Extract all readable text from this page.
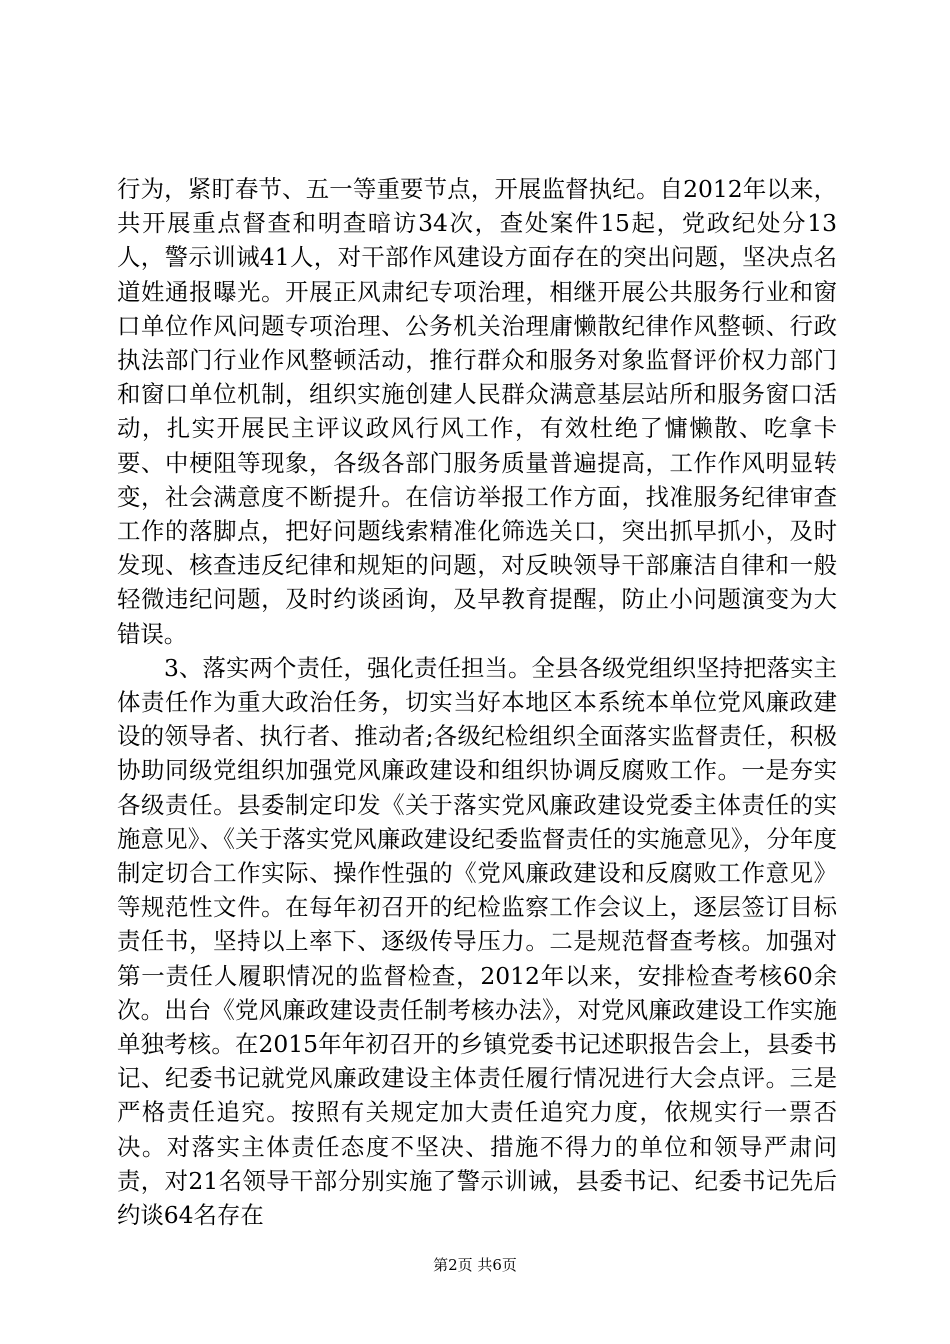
行为，紧盯春节、五一等重要节点，开展监督执纪。自2012年以来，共开展重点督查和明查暗访34次，查处案件15起，党政纪处分13人，警示训诫41人，对干部作风建设方面存在的突出问题，坚决点名道姓通报曝光。开展正风肃纪专项治理，相继开展公共服务行业和窗口单位作风问题专项治理、公务机关治理庸懒散纪律作风整顿、行政执法部门行业作风整顿活动，推行群众和服务对象监督评价权力部门和窗口单位机制，组织实施创建人民群众满意基层站所和服务窗口活动，扎实开展民主评议政风行风工作，有效杜绝了慵懒散、吃拿卡要、中梗阻等现象，各级各部门服务质量普遍提高，工作作风明显转变，社会满意度不断提升。在信访举报工作方面，找准服务纪律审查工作的落脚点，把好问题线索精准化筛选关口，突出抓早抓小，及时发现、核查违反纪律和规矩的问题，对反映领导干部廉洁自律和一般轻微违纪问题，及时约谈函询，及早教育提醒，防止小问题演变为大错误。

3、落实两个责任，强化责任担当。全县各级党组织坚持把落实主体责任作为重大政治任务，切实当好本地区本系统本单位党风廉政建设的领导者、执行者、推动者;各级纪检组织全面落实监督责任，积极协助同级党组织加强党风廉政建设和组织协调反腐败工作。一是夯实各级责任。县委制定印发《关于落实党风廉政建设党委主体责任的实施意见》、《关于落实党风廉政建设纪委监督责任的实施意见》，分年度制定切合工作实际、操作性强的《党风廉政建设和反腐败工作意见》等规范性文件。在每年初召开的纪检监察工作会议上，逐层签订目标责任书，坚持以上率下、逐级传导压力。二是规范督查考核。加强对第一责任人履职情况的监督检查，2012年以来，安排检查考核60余次。出台《党风廉政建设责任制考核办法》，对党风廉政建设工作实施单独考核。在2015年年初召开的乡镇党委书记述职报告会上，县委书记、纪委书记就党风廉政建设主体责任履行情况进行大会点评。三是严格责任追究。按照有关规定加大责任追究力度，依规实行一票否决。对落实主体责任态度不坚决、措施不得力的单位和领导严肃问责，对21名领导干部分别实施了警示训诫，县委书记、纪委书记先后约谈64名存在

第2页 共6页
